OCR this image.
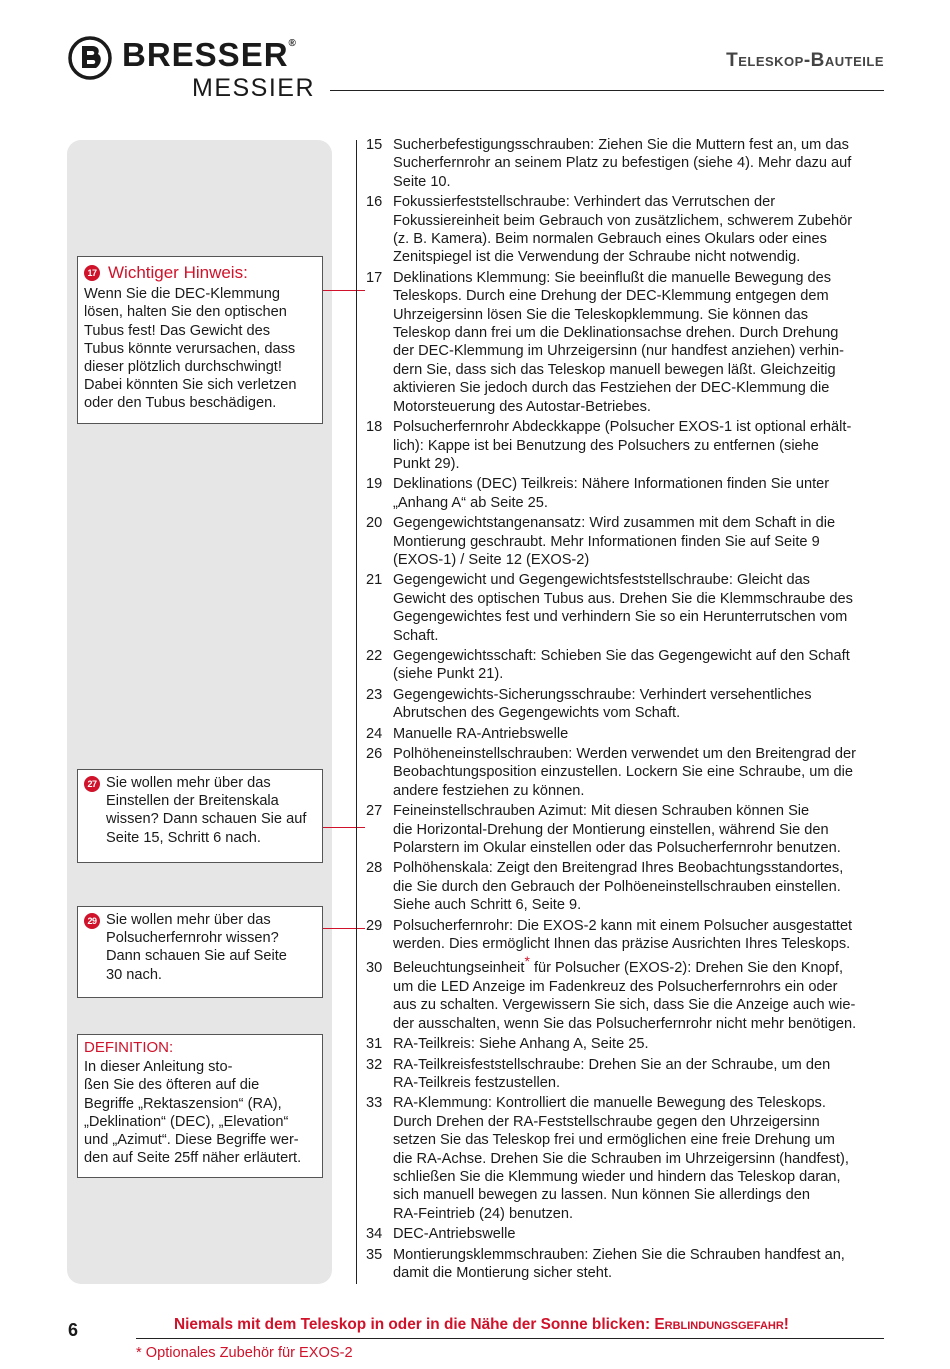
BRESSER®
MESSIER
Teleskop-Bauteile
17 Wichtiger Hinweis:
Wenn Sie die DEC-Klemmung
lösen, halten Sie den optischen
Tubus fest! Das Gewicht des
Tubus könnte verursachen, dass
dieser plötzlich durchschwingt!
Dabei könnten Sie sich verletzen
oder den Tubus beschädigen.
27 Sie wollen mehr über das
Einstellen der Breitenskala
wissen? Dann schauen Sie auf
Seite 15, Schritt 6 nach.
29 Sie wollen mehr über das
Polsucherfernrohr wissen?
Dann schauen Sie auf Seite
30 nach.
DEFINITION:
In dieser Anleitung sto-
ßen Sie des öfteren auf die
Begriffe „Rektaszension“ (RA),
„Deklination“ (DEC), „Elevation“
und „Azimut“. Diese Begriffe wer-
den auf Seite 25ff näher erläutert.
15 Sucherbefestigungsschrauben: Ziehen Sie die Muttern fest an, um das
Sucherfernrohr an seinem Platz zu befestigen (siehe 4). Mehr dazu auf
Seite 10.
16 Fokussierfeststellschraube: Verhindert das Verrutschen der
Fokussiereinheit beim Gebrauch von zusätzlichem, schwerem Zubehör
(z. B. Kamera). Beim normalen Gebrauch eines Okulars oder eines
Zenitspiegel ist die Verwendung der Schraube nicht notwendig.
17 Deklinations Klemmung: Sie beeinflußt die manuelle Bewegung des
Teleskops. Durch eine Drehung der DEC-Klemmung entgegen dem
Uhrzeigersinn lösen Sie die Teleskopklemmung. Sie können das
Teleskop dann frei um die Deklinationsachse drehen. Durch Drehung
der DEC-Klemmung im Uhrzeigersinn (nur handfest anziehen) verhin-
dern Sie, dass sich das Teleskop manuell bewegen läßt. Gleichzeitig
aktivieren Sie jedoch durch das Festziehen der DEC-Klemmung die
Motorsteuerung des Autostar-Betriebes.
18 Polsucherfernrohr Abdeckkappe (Polsucher EXOS-1 ist optional erhält-
lich): Kappe ist bei Benutzung des Polsuchers zu entfernen (siehe
Punkt 29).
19 Deklinations (DEC) Teilkreis: Nähere Informationen finden Sie unter
„Anhang A“ ab Seite 25.
20 Gegengewichtstangenansatz: Wird zusammen mit dem Schaft in die
Montierung geschraubt. Mehr Informationen finden Sie auf Seite 9
(EXOS-1) / Seite 12 (EXOS-2)
21 Gegengewicht und Gegengewichtsfeststellschraube: Gleicht das
Gewicht des optischen Tubus aus. Drehen Sie die Klemmschraube des
Gegengewichtes fest und verhindern Sie so ein Herunterrutschen vom
Schaft.
22 Gegengewichtsschaft: Schieben Sie das Gegengewicht auf den Schaft
(siehe Punkt 21).
23 Gegengewichts-Sicherungsschraube: Verhindert versehentliches
Abrutschen des Gegengewichts vom Schaft.
24 Manuelle RA-Antriebswelle
26 Polhöheneinstellschrauben: Werden verwendet um den Breitengrad der
Beobachtungsposition einzustellen. Lockern Sie eine Schraube, um die
andere festziehen zu können.
27 Feineinstellschrauben Azimut: Mit diesen Schrauben können Sie
die Horizontal-Drehung der Montierung einstellen, während Sie den
Polarstern im Okular einstellen oder das Polsucherfernrohr benutzen.
28 Polhöhenskala: Zeigt den Breitengrad Ihres Beobachtungsstandortes,
die Sie durch den Gebrauch der Polhöeneinstellschrauben einstellen.
Siehe auch Schritt 6, Seite 9.
29 Polsucherfernrohr: Die EXOS-2 kann mit einem Polsucher ausgestattet
werden. Dies ermöglicht Ihnen das präzise Ausrichten Ihres Teleskops.
30 Beleuchtungseinheit* für Polsucher (EXOS-2): Drehen Sie den Knopf,
um die LED Anzeige im Fadenkreuz des Polsucherfernrohrs ein oder
aus zu schalten. Vergewissern Sie sich, dass Sie die Anzeige auch wie-
der ausschalten, wenn Sie das Polsucherfernrohr nicht mehr benötigen.
31 RA-Teilkreis: Siehe Anhang A, Seite 25.
32 RA-Teilkreisfeststellschraube: Drehen Sie an der Schraube, um den
RA-Teilkreis festzustellen.
33 RA-Klemmung: Kontrolliert die manuelle Bewegung des Teleskops.
Durch Drehen der RA-Feststellschraube gegen den Uhrzeigersinn
setzen Sie das Teleskop frei und ermöglichen eine freie Drehung um
die RA-Achse. Drehen Sie die Schrauben im Uhrzeigersinn (handfest),
schließen Sie die Klemmung wieder und hindern das Teleskop daran,
sich manuell bewegen zu lassen. Nun können Sie allerdings den
RA-Feintrieb (24) benutzen.
34 DEC-Antriebswelle
35 Montierungsklemmschrauben: Ziehen Sie die Schrauben handfest an,
damit die Montierung sicher steht.
6	Niemals mit dem Teleskop in oder in die Nähe der Sonne blicken: Erblindungsgefahr!
* Optionales Zubehör für EXOS-2
